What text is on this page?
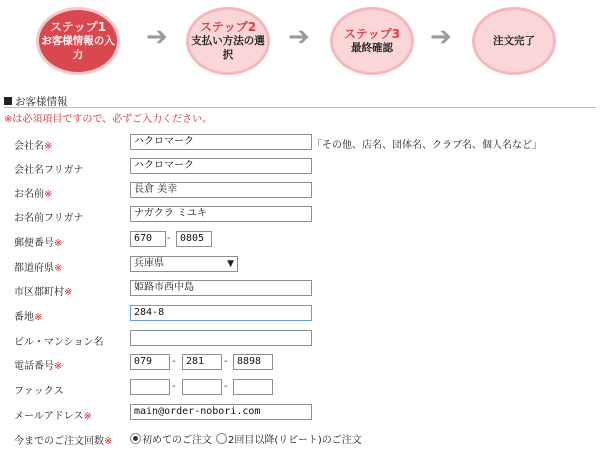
ステップ1
お客様情報の入力
➔	ステップ2
支払い方法の選択
➔	ステップ3
最終確認 ➔	注文完了
お客様情報
※は必須項目ですので、必ずご入力ください。
会社名※	ハクロマーク	「その他、店名、団体名、クラブ名、個人名など」
会社名フリガナ	ハクロマーク
お名前※	長倉 美幸
お名前フリガナ	ナガクラ ミユキ
郵便番号※	670	- 0805
都道府県※	兵庫県	▼
市区郡町村※	姫路市西中島
番地※	284-8
ビル・マンション名
電話番号※	079	-	281	- 8898
ファックス	-	-
メールアドレス※	main@order-nobori.com
今までのご注文回数※	初めてのご注文	2回目以降(リピート)のご注文
